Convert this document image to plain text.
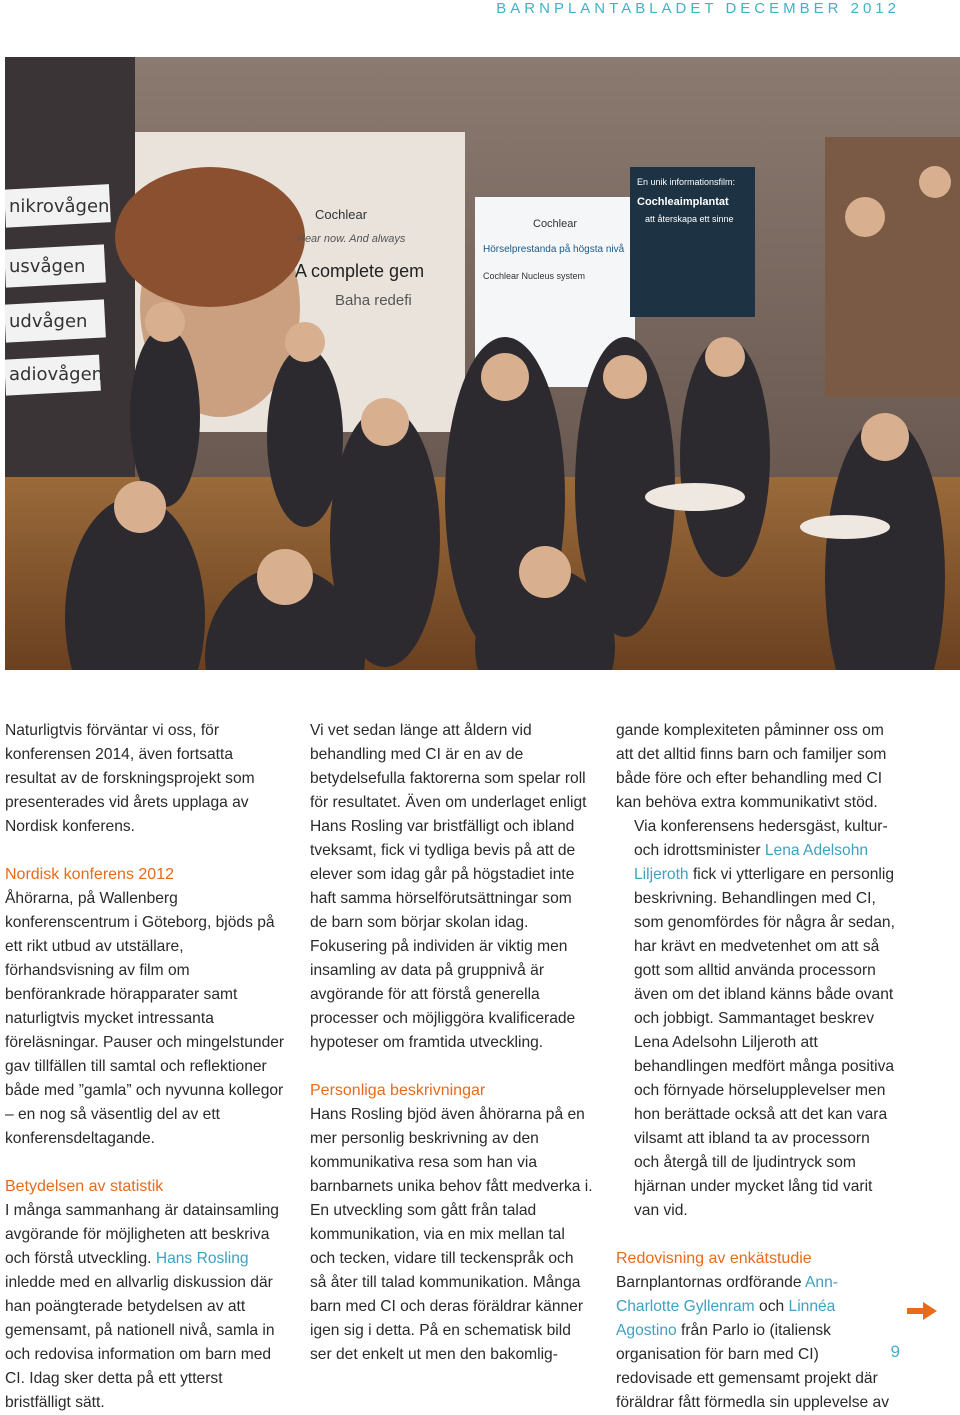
BARNPLANTABLADET DECEMBER 2012
nikrovågen
usvågen
udvågen
adiovågen
Cochlear
Hear now. And always
A complete gem
Baha redefi
Cochlear
Hörselprestanda på högsta nivå
Cochlear Nucleus system
En unik informationsfilm:
Cochleaimplantat
att återskapa ett sinne

Naturligtvis förväntar vi oss, för konferensen 2014, även fortsatta resultat av de forskningsprojekt som presenterades vid årets upplaga av Nordisk konferens.

Nordisk konferens 2012

Åhörarna, på Wallenberg konferenscentrum i Göteborg, bjöds på ett rikt utbud av utställare, förhandsvisning av film om benförankrade hörapparater samt naturligtvis mycket intressanta föreläsningar. Pauser och mingelstunder gav tillfällen till samtal och reflektioner både med ”gamla” och nyvunna kollegor – en nog så väsentlig del av ett konferensdeltagande.

Betydelsen av statistik

I många sammanhang är datainsamling avgörande för möjligheten att beskriva och förstå utveckling. Hans Rosling inledde med en allvarlig diskussion där han poängterade betydelsen av att gemensamt, på nationell nivå, samla in och redovisa information om barn med CI. Idag sker detta på ett ytterst bristfälligt sätt.

Vi vet sedan länge att åldern vid behandling med CI är en av de betydelsefulla faktorerna som spelar roll för resultatet. Även om underlaget enligt Hans Rosling var bristfälligt och ibland tveksamt, fick vi tydliga bevis på att de elever som idag går på högstadiet inte haft samma hörselförutsättningar som de barn som börjar skolan idag. Fokusering på individen är viktig men insamling av data på gruppnivå är avgörande för att förstå generella processer och möjliggöra kvalificerade hypoteser om framtida utveckling.

Personliga beskrivningar

Hans Rosling bjöd även åhörarna på en mer personlig beskrivning av den kommunikativa resa som han via barnbarnets unika behov fått medverka i. En utveckling som gått från talad kommunikation, via en mix mellan tal och tecken, vidare till teckenspråk och så åter till talad kommunikation. Många barn med CI och deras föräldrar känner igen sig i detta. På en schematisk bild ser det enkelt ut men den bakomlig-

gande komplexiteten påminner oss om att det alltid finns barn och familjer som både före och efter behandling med CI kan behöva extra kommunikativt stöd.

Via konferensens hedersgäst, kultur- och idrottsminister Lena Adelsohn Liljeroth fick vi ytterligare en personlig beskrivning. Behandlingen med CI, som genomfördes för några år sedan, har krävt en medvetenhet om att så gott som alltid använda processorn även om det ibland känns både ovant och jobbigt. Sammantaget beskrev Lena Adelsohn Liljeroth att behandlingen medfört många positiva och förnyade hörselupplevelser men hon berättade också att det kan vara vilsamt att ibland ta av processorn och återgå till de ljudintryck som hjärnan under mycket lång tid varit van vid.

Redovisning av enkätstudie

Barnplantornas ordförande Ann-Charlotte Gyllenram och Linnéa Agostino från Parlo io (italiensk organisation för barn med CI) redovisade ett gemensamt projekt där föräldrar fått förmedla sin upplevelse av

9
